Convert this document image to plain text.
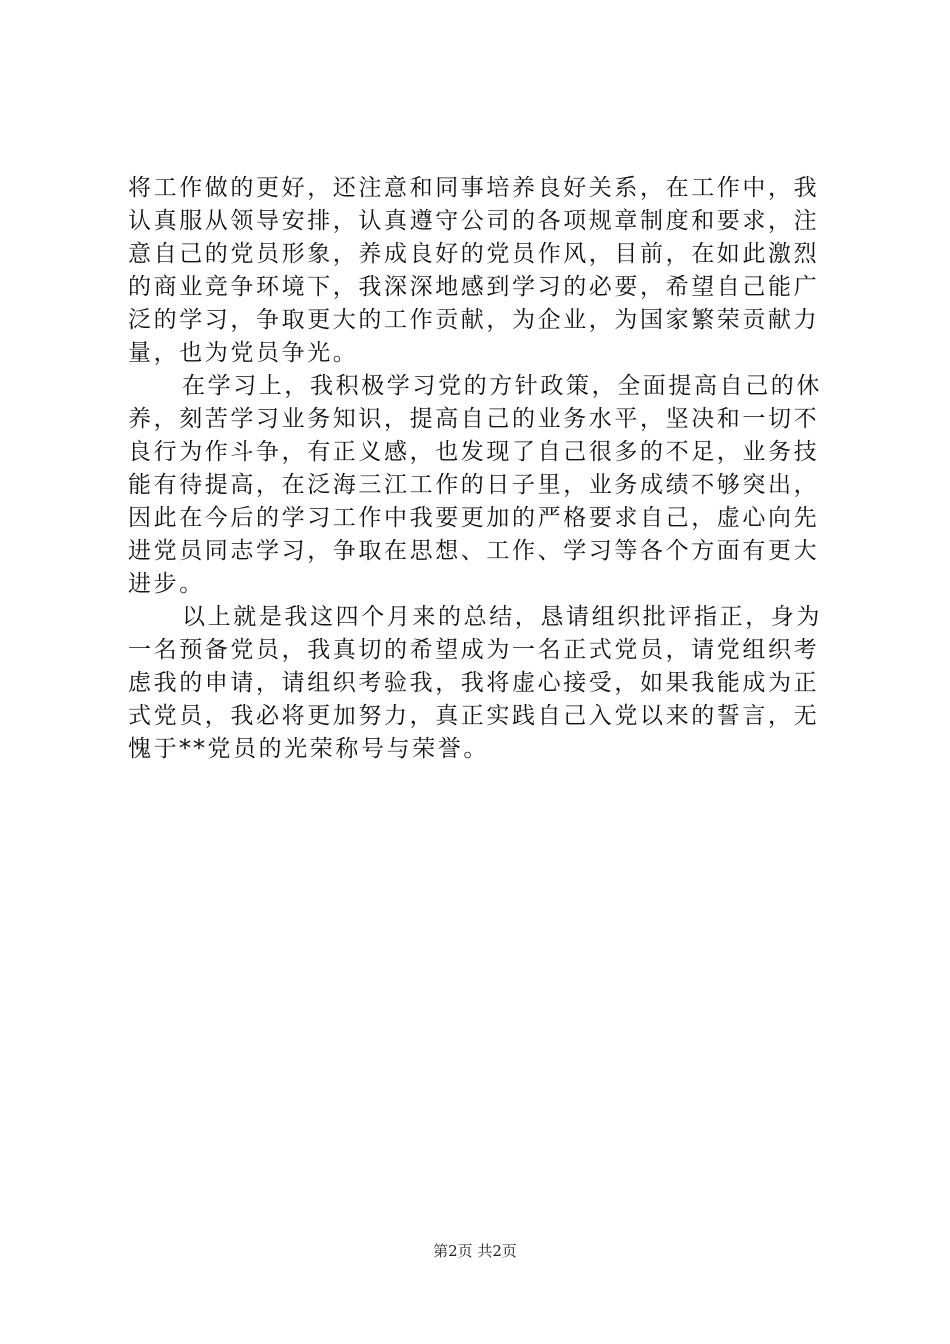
将工作做的更好，还注意和同事培养良好关系，在工作中，我
认真服从领导安排，认真遵守公司的各项规章制度和要求，注
意自己的党员形象，养成良好的党员作风，目前，在如此激烈
的商业竞争环境下，我深深地感到学习的必要，希望自己能广
泛的学习，争取更大的工作贡献，为企业，为国家繁荣贡献力
量，也为党员争光。
在学习上，我积极学习党的方针政策，全面提高自己的休
养，刻苦学习业务知识，提高自己的业务水平，坚决和一切不
良行为作斗争，有正义感，也发现了自己很多的不足，业务技
能有待提高，在泛海三江工作的日子里，业务成绩不够突出，
因此在今后的学习工作中我要更加的严格要求自己，虚心向先
进党员同志学习，争取在思想、工作、学习等各个方面有更大
进步。
以上就是我这四个月来的总结，恳请组织批评指正，身为
一名预备党员，我真切的希望成为一名正式党员，请党组织考
虑我的申请，请组织考验我，我将虚心接受，如果我能成为正
式党员，我必将更加努力，真正实践自己入党以来的誓言，无
愧于**党员的光荣称号与荣誉。
第2页 共2页
